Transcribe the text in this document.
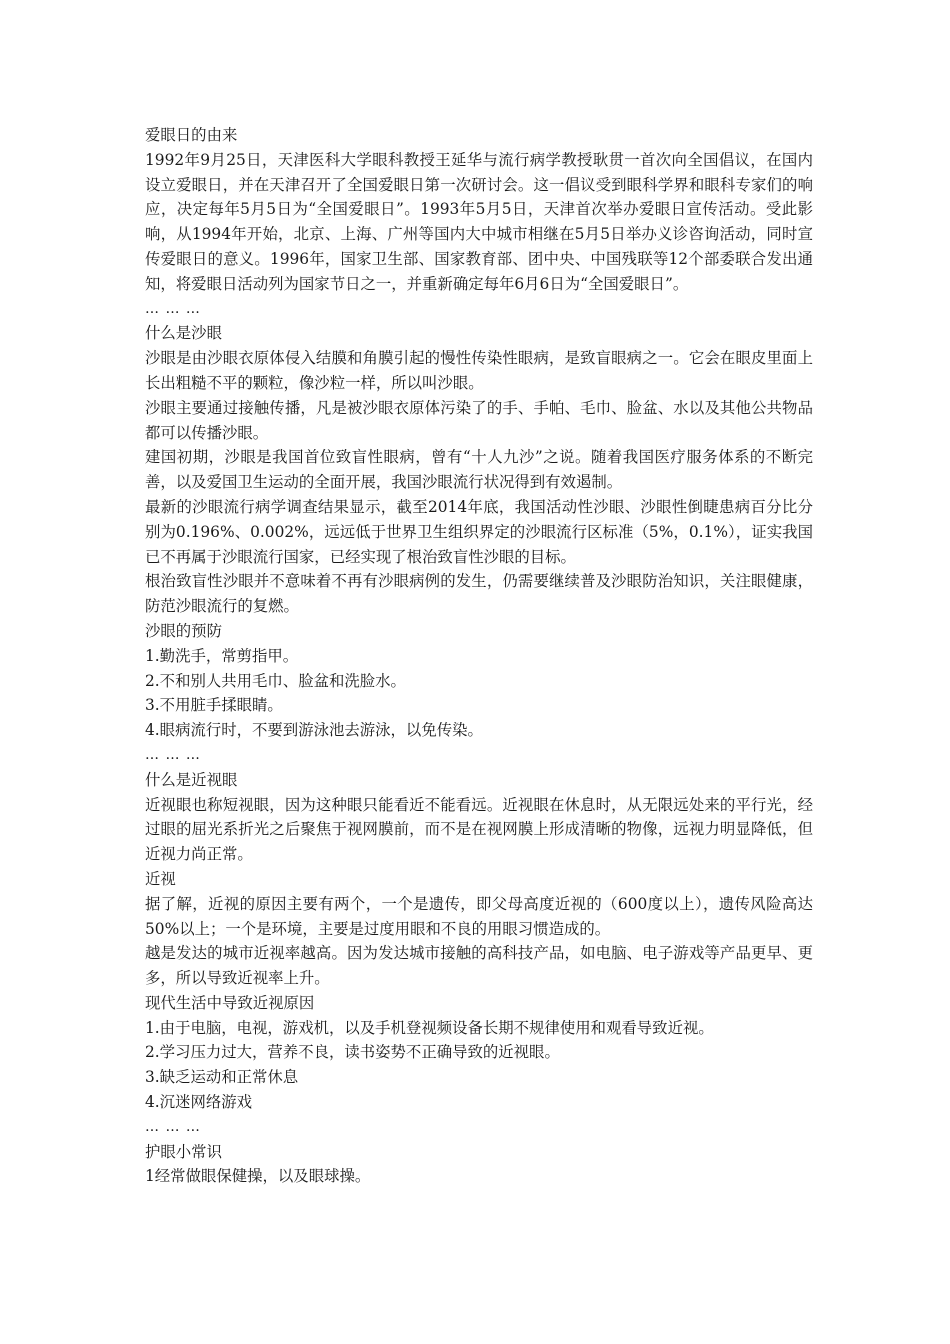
爱眼日的由来

1992年9月25日，天津医科大学眼科教授王延华与流行病学教授耿贯一首次向全国倡议，在国内设立爱眼日，并在天津召开了全国爱眼日第一次研讨会。这一倡议受到眼科学界和眼科专家们的响应，决定每年5月5日为“全国爱眼日”。1993年5月5日，天津首次举办爱眼日宣传活动。受此影响，从1994年开始，北京、上海、广州等国内大中城市相继在5月5日举办义诊咨询活动，同时宣传爱眼日的意义。1996年，国家卫生部、国家教育部、团中央、中国残联等12个部委联合发出通知，将爱眼日活动列为国家节日之一，并重新确定每年6月6日为“全国爱眼日”。

… … …

什么是沙眼

沙眼是由沙眼衣原体侵入结膜和角膜引起的慢性传染性眼病，是致盲眼病之一。它会在眼皮里面上长出粗糙不平的颗粒，像沙粒一样，所以叫沙眼。

沙眼主要通过接触传播，凡是被沙眼衣原体污染了的手、手帕、毛巾、脸盆、水以及其他公共物品都可以传播沙眼。

建国初期，沙眼是我国首位致盲性眼病，曾有“十人九沙”之说。随着我国医疗服务体系的不断完善，以及爱国卫生运动的全面开展，我国沙眼流行状况得到有效遏制。

最新的沙眼流行病学调查结果显示，截至2014年底，我国活动性沙眼、沙眼性倒睫患病百分比分别为0.196%、0.002%，远远低于世界卫生组织界定的沙眼流行区标准（5%，0.1%），证实我国已不再属于沙眼流行国家，已经实现了根治致盲性沙眼的目标。

根治致盲性沙眼并不意味着不再有沙眼病例的发生，仍需要继续普及沙眼防治知识，关注眼健康，防范沙眼流行的复燃。

沙眼的预防

1.勤洗手，常剪指甲。

2.不和别人共用毛巾、脸盆和洗脸水。

3.不用脏手揉眼睛。

4.眼病流行时，不要到游泳池去游泳，以免传染。

… … …

什么是近视眼

近视眼也称短视眼，因为这种眼只能看近不能看远。近视眼在休息时，从无限远处来的平行光，经过眼的屈光系折光之后聚焦于视网膜前，而不是在视网膜上形成清晰的物像，远视力明显降低，但近视力尚正常。

近视

据了解，近视的原因主要有两个，一个是遗传，即父母高度近视的（600度以上），遗传风险高达50%以上；一个是环境，主要是过度用眼和不良的用眼习惯造成的。

越是发达的城市近视率越高。因为发达城市接触的高科技产品，如电脑、电子游戏等产品更早、更多，所以导致近视率上升。

现代生活中导致近视原因

1.由于电脑，电视，游戏机，以及手机登视频设备长期不规律使用和观看导致近视。

2.学习压力过大，营养不良，读书姿势不正确导致的近视眼。

3.缺乏运动和正常休息

4.沉迷网络游戏

… … …

护眼小常识

1经常做眼保健操，以及眼球操。
